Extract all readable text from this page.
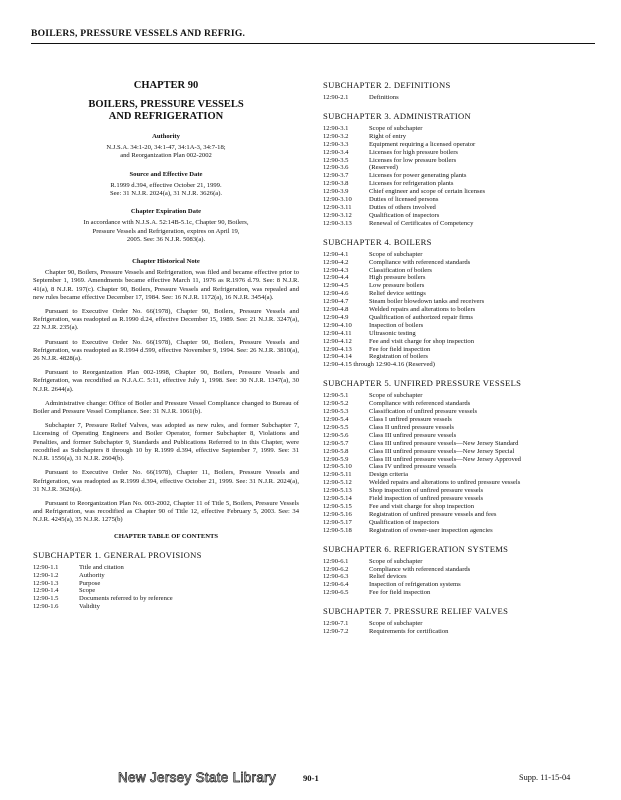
BOILERS, PRESSURE VESSELS AND REFRIG.
CHAPTER 90
BOILERS, PRESSURE VESSELS
AND REFRIGERATION
Authority
N.J.S.A. 34:1-20, 34:1-47, 34:1A-3, 34:7-18;
and Reorganization Plan 002-2002
Source and Effective Date
R.1999 d.394, effective October 21, 1999.
See: 31 N.J.R. 2024(a), 31 N.J.R. 3626(a).
Chapter Expiration Date
In accordance with N.J.S.A. 52:14B-5.1c, Chapter 90, Boilers,
Pressure Vessels and Refrigeration, expires on April 19,
2005. See: 36 N.J.R. 5083(a).
Chapter Historical Note

Chapter 90, Boilers, Pressure Vessels and Refrigeration, was filed and became effective prior to September 1, 1969. Amendments became effective March 11, 1976 as R.1976 d.79. See: 8 N.J.R. 41(a), 8 N.J.R. 197(c). Chapter 90, Boilers, Pressure Vessels and Refrigeration, was repealed and new rules became effective December 17, 1984. See: 16 N.J.R. 1172(a), 16 N.J.R. 3454(a).

Pursuant to Executive Order No. 66(1978), Chapter 90, Boilers, Pressure Vessels and Refrigeration, was readopted as R.1990 d.24, effective December 15, 1989. See: 21 N.J.R. 3247(a), 22 N.J.R. 235(a).

Pursuant to Executive Order No. 66(1978), Chapter 90, Boilers, Pressure Vessels and Refrigeration, was readopted as R.1994 d.599, effective November 9, 1994. See: 26 N.J.R. 3810(a), 26 N.J.R. 4828(a).

Pursuant to Reorganization Plan 002-1998, Chapter 90, Boilers, Pressure Vessels and Refrigeration, was recodified as N.J.A.C. 5:11, effective July 1, 1998. See: 30 N.J.R. 1347(a), 30 N.J.R. 2644(a).

Administrative change: Office of Boiler and Pressure Vessel Compliance changed to Bureau of Boiler and Pressure Vessel Compliance. See: 31 N.J.R. 1061(b).

Subchapter 7, Pressure Relief Valves, was adopted as new rules, and former Subchapter 7, Licensing of Operating Engineers and Boiler Operator, former Subchapter 8, Violations and Penalties, and former Subchapter 9, Standards and Publications Referred to in this Chapter, were recodified as Subchapters 8 through 10 by R.1999 d.394, effective September 7, 1999. See: 31 N.J.R. 1556(a), 31 N.J.R. 2604(b).

Pursuant to Executive Order No. 66(1978), Chapter 11, Boilers, Pressure Vessels and Refrigeration, was readopted as R.1999 d.394, effective October 21, 1999. See: 31 N.J.R. 2024(a), 31 N.J.R. 3626(a).

Pursuant to Reorganization Plan No. 003-2002, Chapter 11 of Title 5, Boilers, Pressure Vessels and Refrigeration, was recodified as Chapter 90 of Title 12, effective February 5, 2003. See: 34 N.J.R. 4245(a), 35 N.J.R. 1275(b)

CHAPTER TABLE OF CONTENTS
SUBCHAPTER 1. GENERAL PROVISIONS
12:90-1.1	Title and citation
12:90-1.2	Authority
12:90-1.3	Purpose
12:90-1.4	Scope
12:90-1.5	Documents referred to by reference
12:90-1.6	Validity
SUBCHAPTER 2. DEFINITIONS
12:90-2.1	Definitions
SUBCHAPTER 3. ADMINISTRATION
12:90-3.1	Scope of subchapter
12:90-3.2	Right of entry
12:90-3.3	Equipment requiring a licensed operator
12:90-3.4	Licenses for high pressure boilers
12:90-3.5	Licenses for low pressure boilers
12:90-3.6	(Reserved)
12:90-3.7	Licenses for power generating plants
12:90-3.8	Licenses for refrigeration plants
12:90-3.9	Chief engineer and scope of certain licenses
12:90-3.10	Duties of licensed persons
12:90-3.11	Duties of others involved
12:90-3.12	Qualification of inspectors
12:90-3.13	Renewal of Certificates of Competency
SUBCHAPTER 4. BOILERS
12:90-4.1	Scope of subchapter
12:90-4.2	Compliance with referenced standards
12:90-4.3	Classification of boilers
12:90-4.4	High pressure boilers
12:90-4.5	Low pressure boilers
12:90-4.6	Relief device settings
12:90-4.7	Steam boiler blowdown tanks and receivers
12:90-4.8	Welded repairs and alterations to boilers
12:90-4.9	Qualification of authorized repair firms
12:90-4.10	Inspection of boilers
12:90-4.11	Ultrasonic testing
12:90-4.12	Fee and visit charge for shop inspection
12:90-4.13	Fee for field inspection
12:90-4.14	Registration of boilers
12:90-4.15 through 12:90-4.16 (Reserved)
SUBCHAPTER 5. UNFIRED PRESSURE VESSELS
12:90-5.1	Scope of subchapter
12:90-5.2	Compliance with referenced standards
12:90-5.3	Classification of unfired pressure vessels
12:90-5.4	Class I unfired pressure vessels
12:90-5.5	Class II unfired pressure vessels
12:90-5.6	Class III unfired pressure vessels
12:90-5.7	Class III unfired pressure vessels—New Jersey Standard
12:90-5.8	Class III unfired pressure vessels—New Jersey Special
12:90-5.9	Class III unfired pressure vessels—New Jersey Approved
12:90-5.10	Class IV unfired pressure vessels
12:90-5.11	Design criteria
12:90-5.12	Welded repairs and alterations to unfired pressure vessels
12:90-5.13	Shop inspection of unfired pressure vessels
12:90-5.14	Field inspection of unfired pressure vessels
12:90-5.15	Fee and visit charge for shop inspection
12:90-5.16	Registration of unfired pressure vessels and fees
12:90-5.17	Qualification of inspectors
12:90-5.18	Registration of owner-user inspection agencies
SUBCHAPTER 6. REFRIGERATION SYSTEMS
12:90-6.1	Scope of subchapter
12:90-6.2	Compliance with referenced standards
12:90-6.3	Relief devices
12:90-6.4	Inspection of refrigeration systems
12:90-6.5	Fee for field inspection
SUBCHAPTER 7. PRESSURE RELIEF VALVES
12:90-7.1	Scope of subchapter
12:90-7.2	Requirements for certification
New Jersey State Library	90-1	Supp. 11-15-04
